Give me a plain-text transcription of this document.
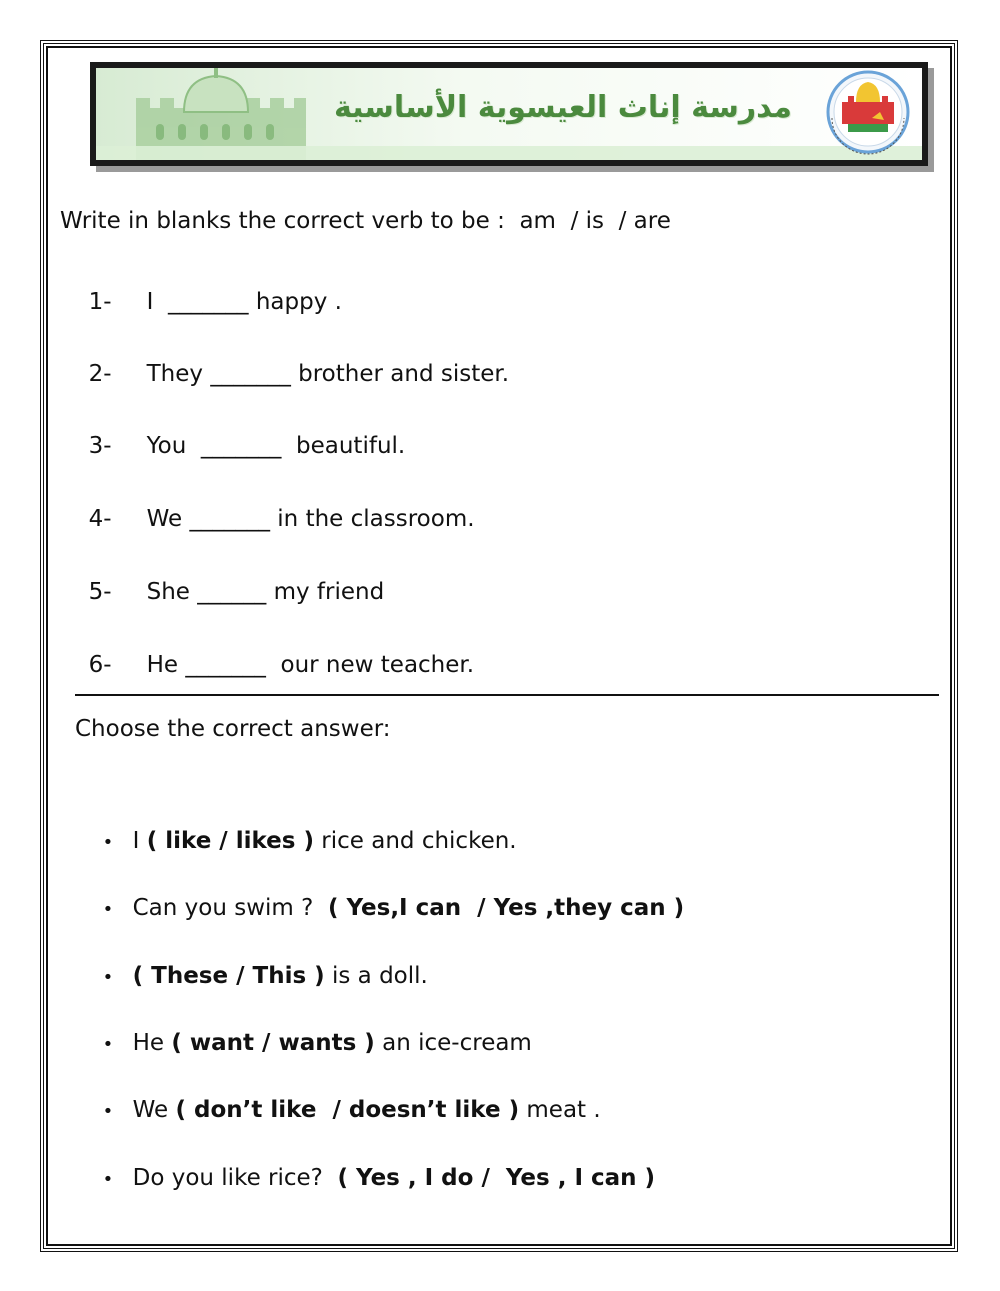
مدرسة إناث العيسوية الأساسية
Write in blanks the correct verb to be :  am  / is  / are

1- I  _______ happy .

2- They _______ brother and sister.

3- You  _______  beautiful.

4- We _______ in the classroom.

5- She ______ my friend

6- He _______  our new teacher.

Choose the correct answer:

• I ( like / likes ) rice and chicken.

• Can you swim ?  ( Yes,I can  / Yes ,they can )

• ( These / This ) is a doll.

• He ( want / wants ) an ice-cream

• We ( don’t like  / doesn’t like ) meat .

• Do you like rice?  ( Yes , I do /  Yes , I can )
